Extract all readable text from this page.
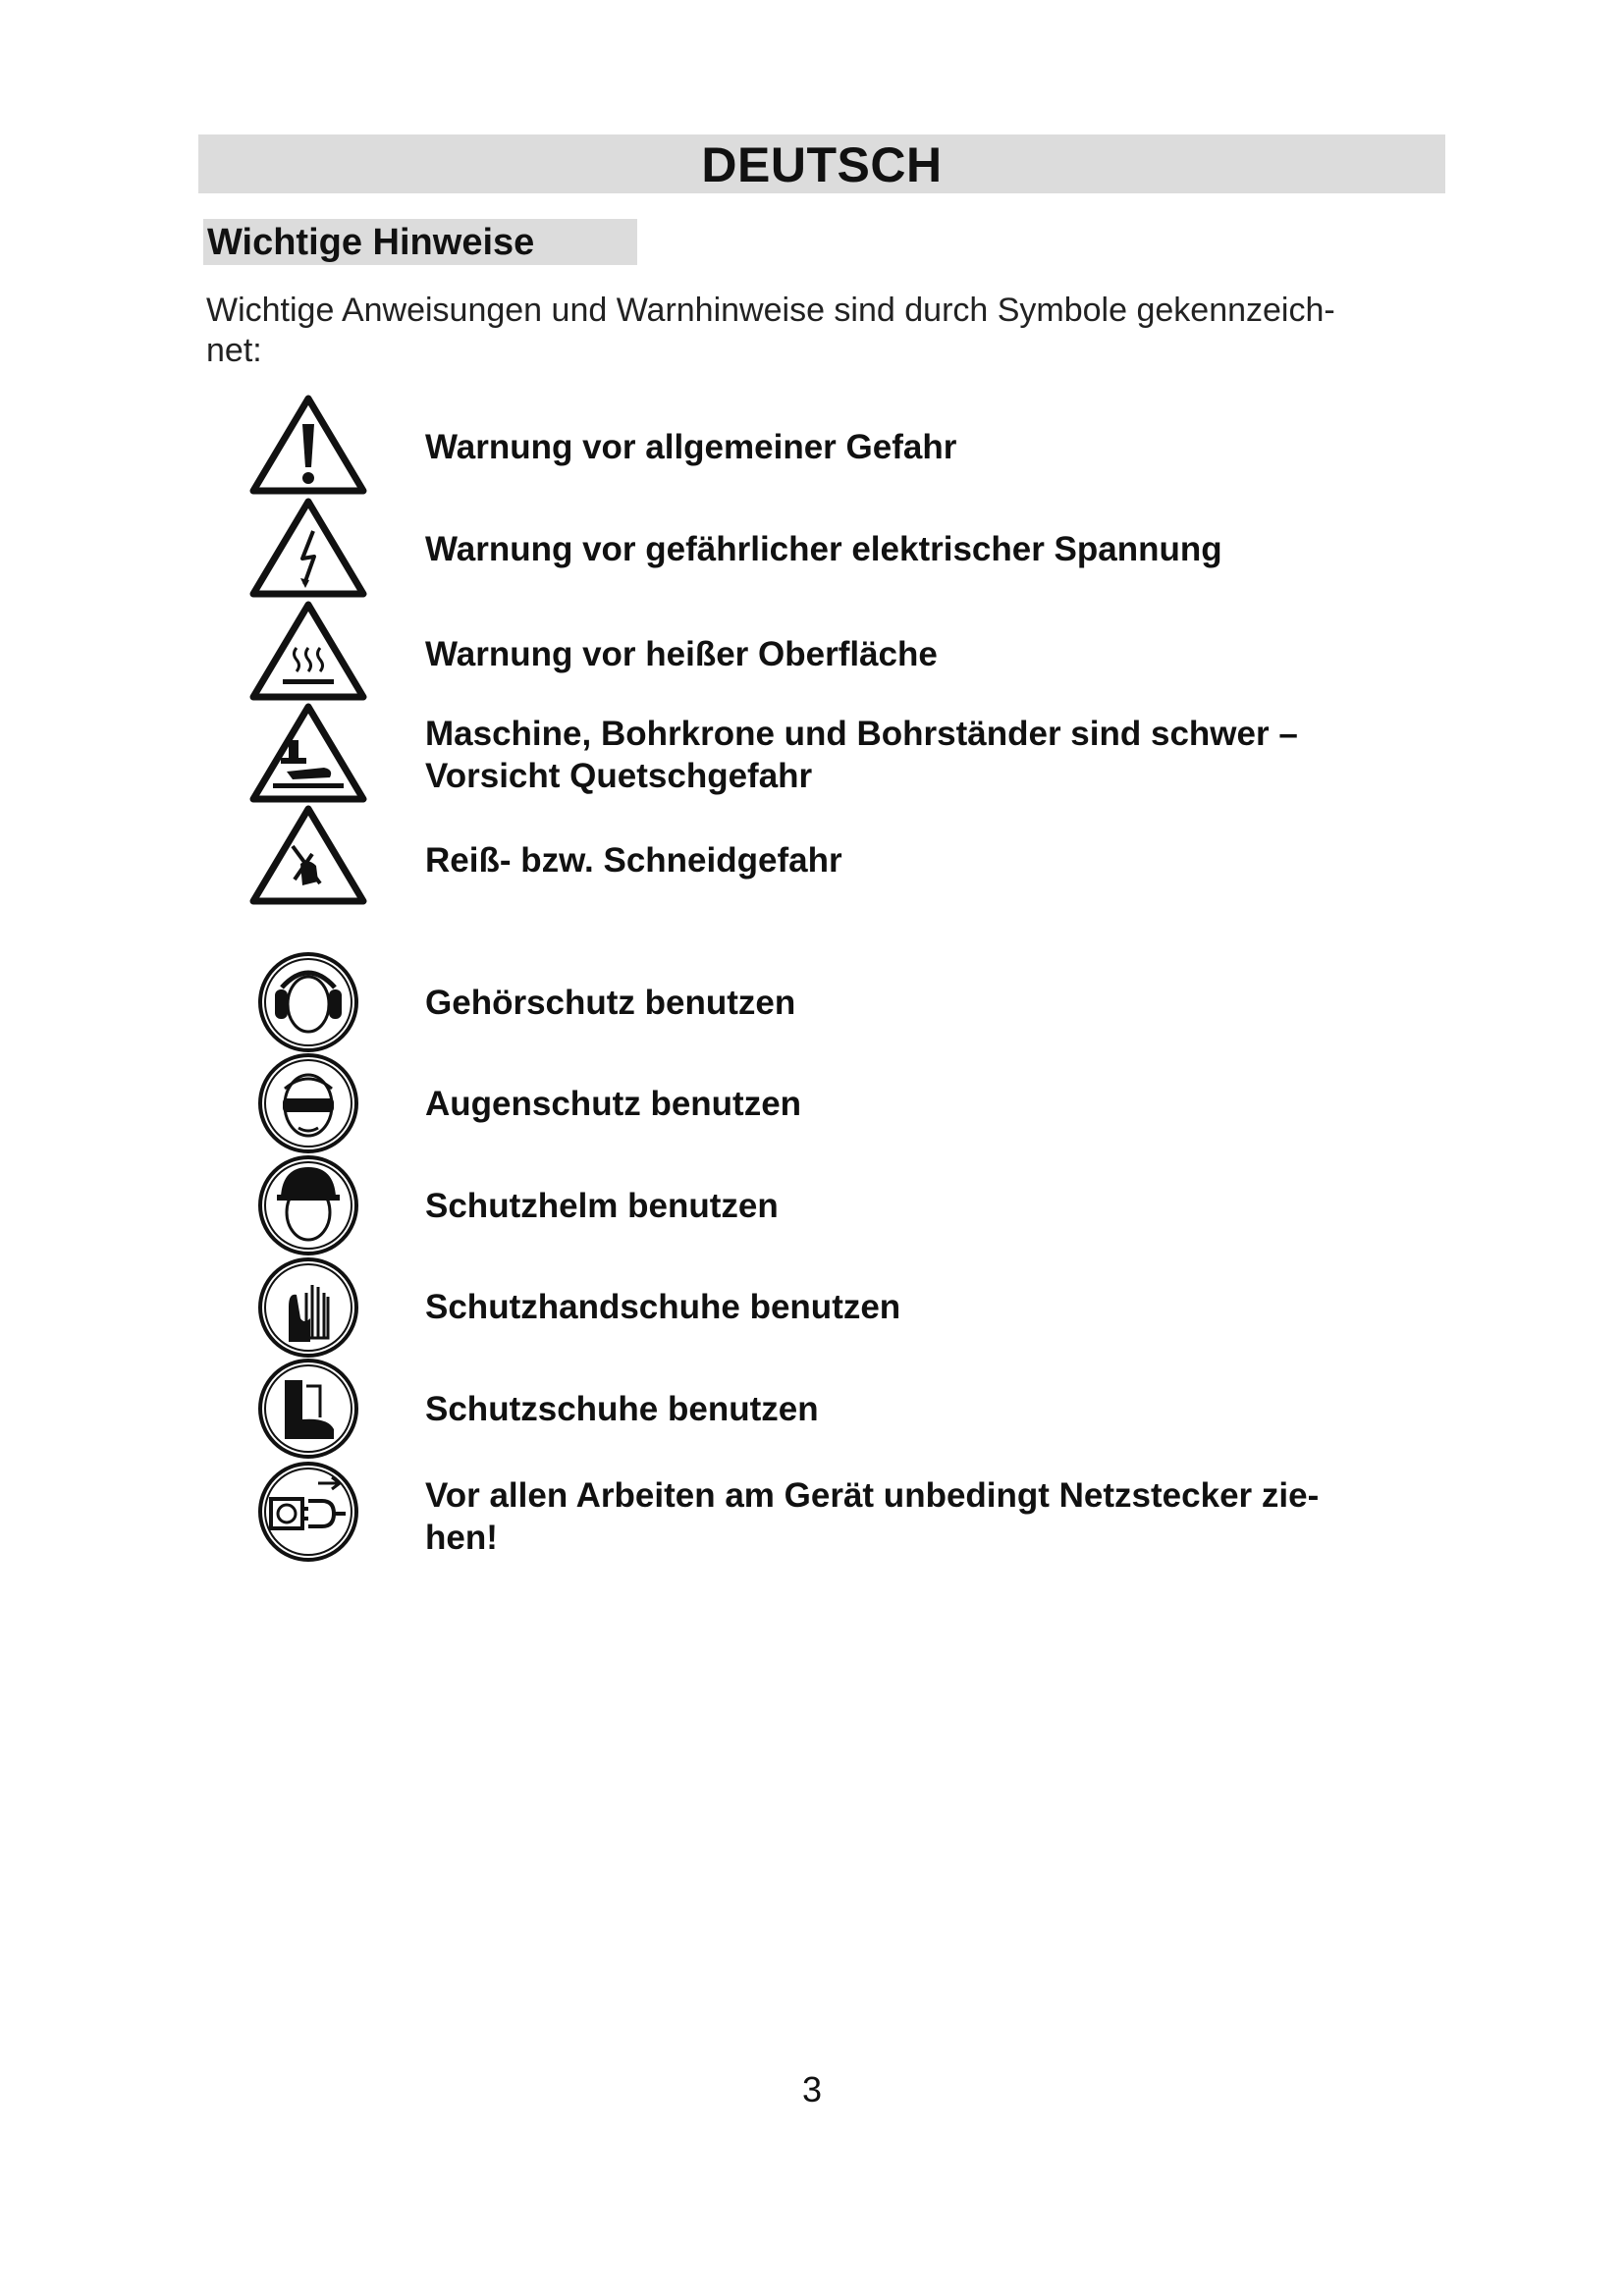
DEUTSCH
Wichtige Hinweise
Wichtige Anweisungen und Warnhinweise sind durch Symbole gekennzeich-
net:
Warnung vor allgemeiner Gefahr
Warnung vor gefährlicher elektrischer Spannung
Warnung vor heißer Oberfläche
Maschine, Bohrkrone und Bohrständer sind schwer –
Vorsicht Quetschgefahr
Reiß- bzw. Schneidgefahr
Gehörschutz benutzen
Augenschutz benutzen
Schutzhelm benutzen
Schutzhandschuhe benutzen
Schutzschuhe benutzen
Vor allen Arbeiten am Gerät unbedingt Netzstecker zie-
hen!
3
